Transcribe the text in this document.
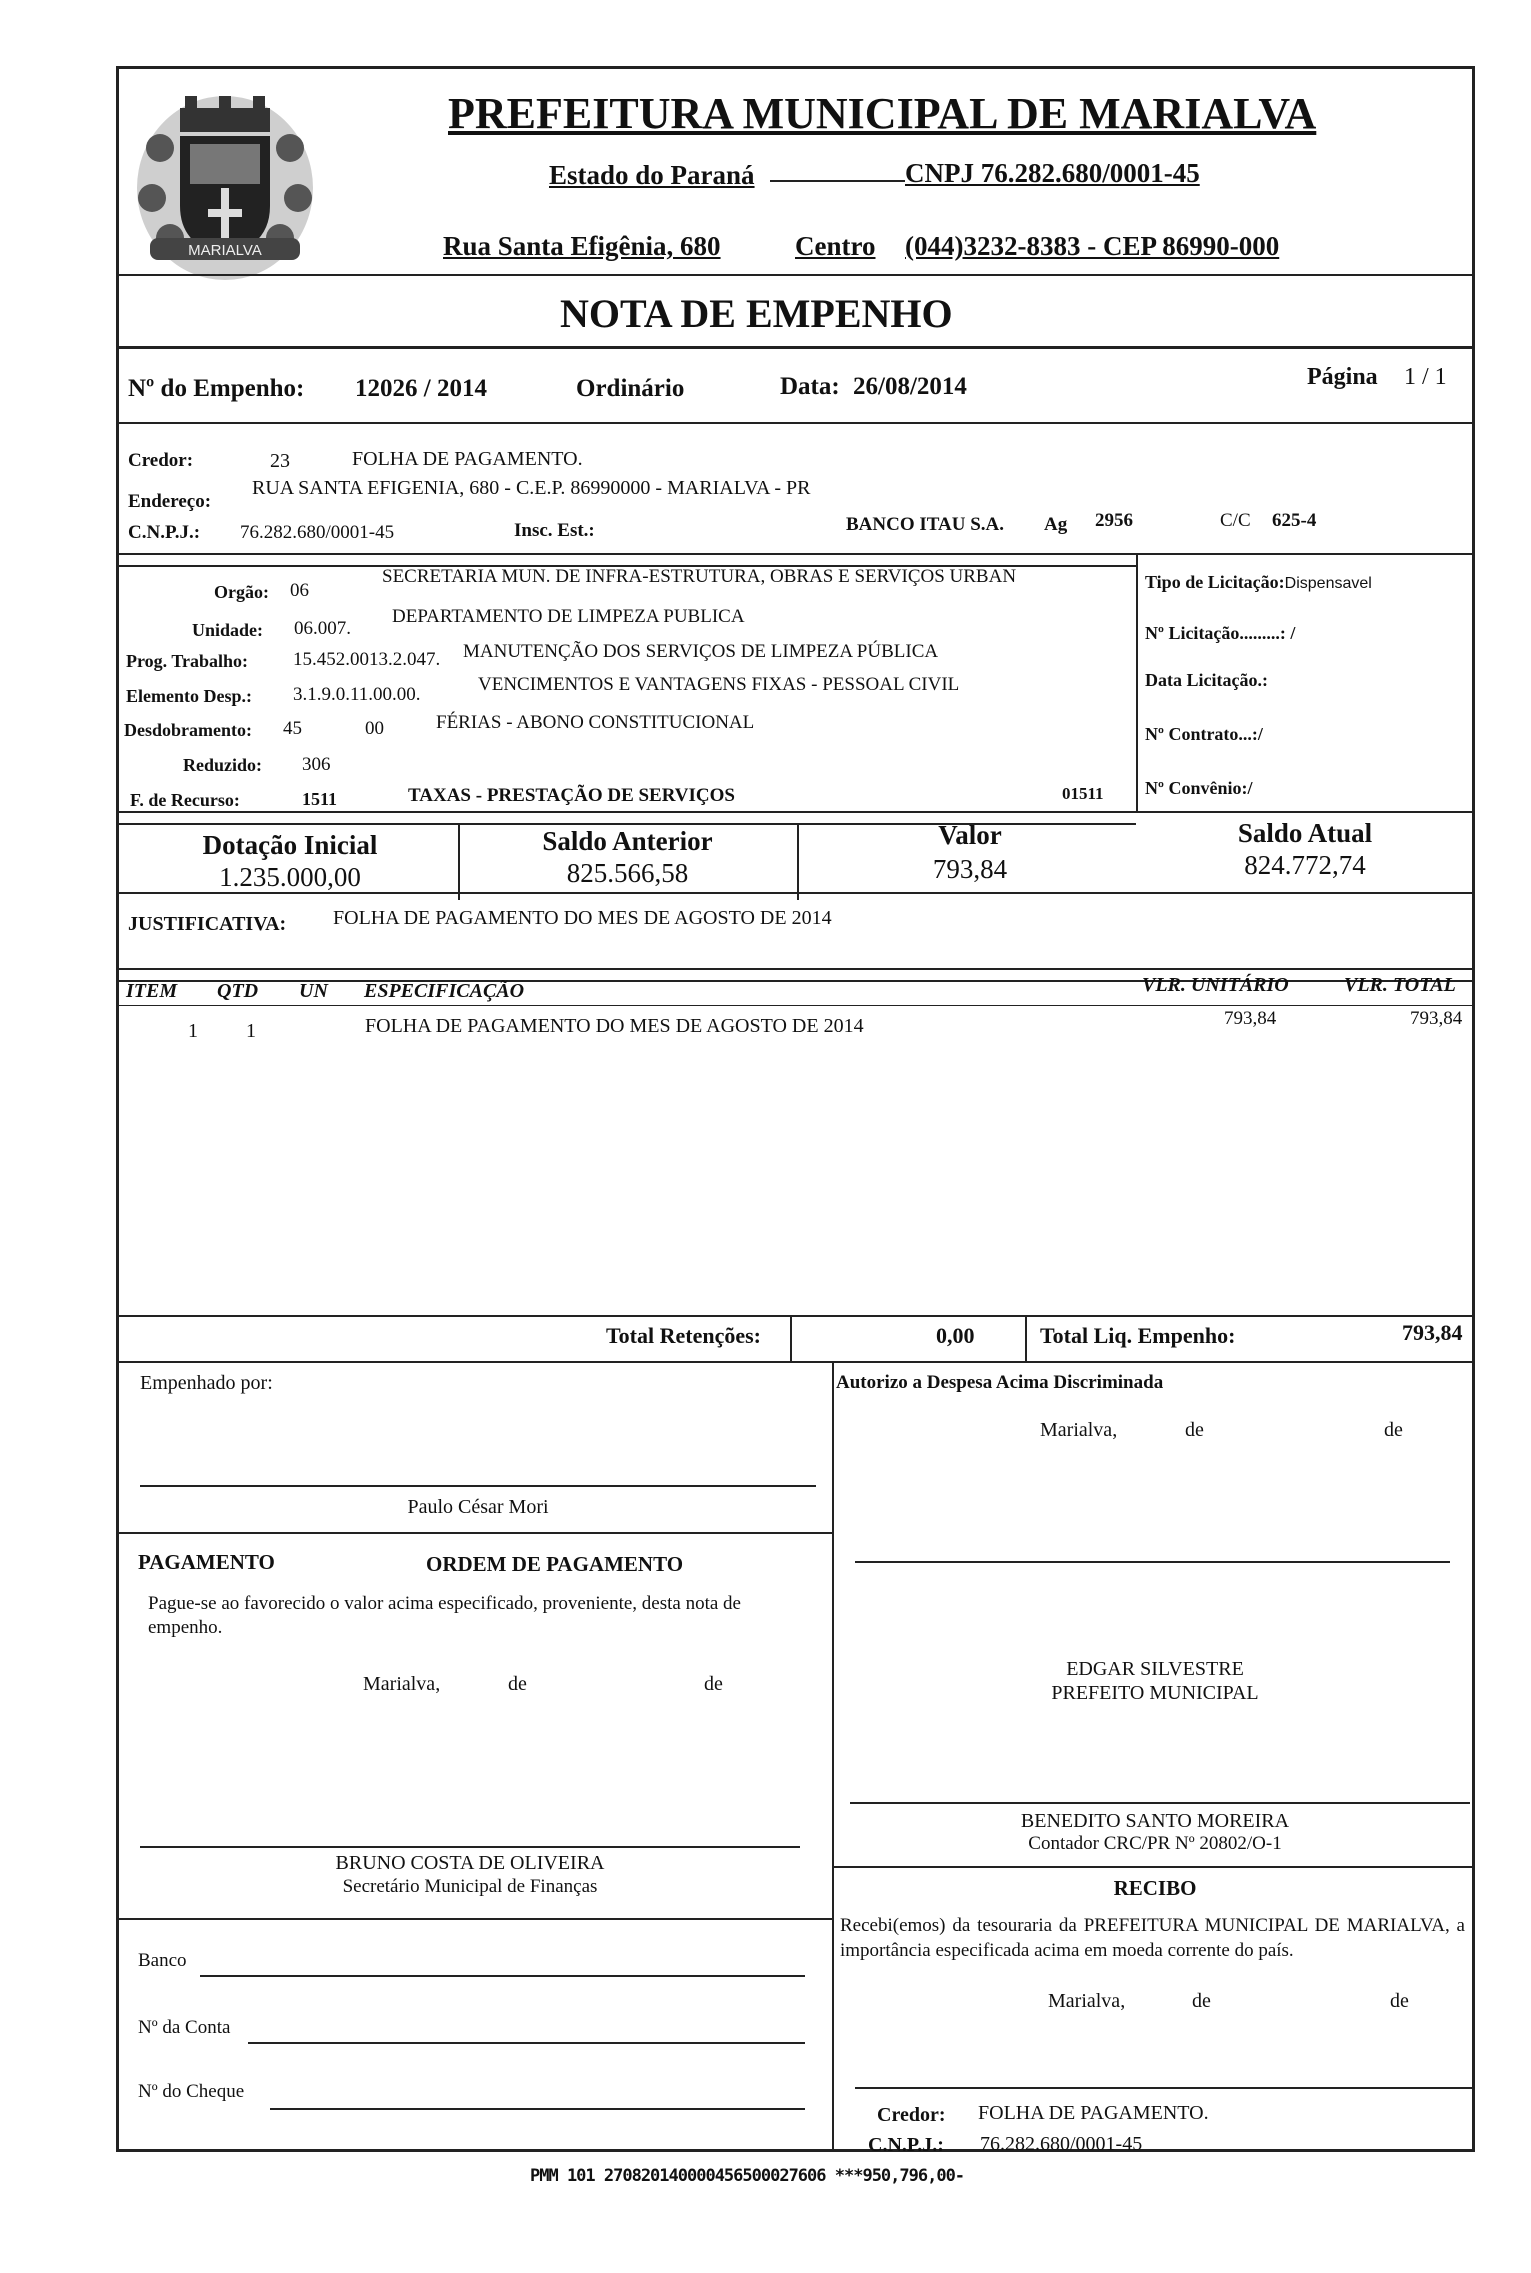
MARIALVA
PREFEITURA MUNICIPAL DE MARIALVA
Estado do Paraná	CNPJ 76.282.680/0001-45
Rua Santa Efigênia, 680	Centro (044)3232-8383 - CEP 86990-000
NOTA DE EMPENHO
Nº do Empenho: 12026 / 2014	Ordinário	Data: 26/08/2014	Página 1 / 1
Credor:	23	FOLHA DE PAGAMENTO.
Endereço:
RUA SANTA EFIGENIA, 680 - C.E.P. 86990000 - MARIALVA - PR
C.N.P.J.: 76.282.680/0001-45	Insc. Est.:	BANCO ITAU S.A. Ag 2956	C/C 625-4
Orgão: 06
SECRETARIA MUN. DE INFRA-ESTRUTURA, OBRAS E SERVIÇOS URBAN
Unidade: 06.007.
DEPARTAMENTO DE LIMPEZA PUBLICA
Prog. Trabalho: 15.452.0013.2.047. MANUTENÇÃO DOS SERVIÇOS DE LIMPEZA PÚBLICA
Elemento Desp.: 3.1.9.0.11.00.00.	VENCIMENTOS E VANTAGENS FIXAS - PESSOAL CIVIL
Desdobramento: 45	00	FÉRIAS - ABONO CONSTITUCIONAL
Reduzido: 306
F. de Recurso:	1511	TAXAS - PRESTAÇÃO DE SERVIÇOS	01511
Tipo de Licitação:Dispensavel
Nº Licitação.........: /
Data Licitação.:
Nº Contrato...:/
Nº Convênio:/
Dotação Inicial
1.235.000,00
Saldo Anterior
825.566,58
Valor
793,84
Saldo Atual
824.772,74
JUSTIFICATIVA: FOLHA DE PAGAMENTO DO MES DE AGOSTO DE 2014
ITEM QTD UN ESPECIFICAÇÃO	VLR. UNITÁRIO	VLR. TOTAL
1 1	FOLHA DE PAGAMENTO DO MES DE AGOSTO DE 2014	793,84	793,84
Total Retenções:	0,00	Total Liq. Empenho:	793,84
Empenhado por:
Paulo César Mori
PAGAMENTO	ORDEM DE PAGAMENTO
Pague-se ao favorecido o valor acima especificado, proveniente, desta nota de empenho.
Marialva,	de	de
BRUNO COSTA DE OLIVEIRA
Secretário Municipal de Finanças
Banco
Nº da Conta
Nº do Cheque
Autorizo a Despesa Acima Discriminada
Marialva,	de	de
EDGAR SILVESTRE
PREFEITO MUNICIPAL
BENEDITO SANTO MOREIRA
Contador CRC/PR Nº 20802/O-1
RECIBO
Recebi(emos) da tesouraria da PREFEITURA MUNICIPAL DE MARIALVA, a importância especificada acima em moeda corrente do país.
Marialva,	de	de
Credor: FOLHA DE PAGAMENTO.
C.N.P.J.: 76.282.680/0001-45
PMM 101 270820140000456500027606 ***950,796,00-
